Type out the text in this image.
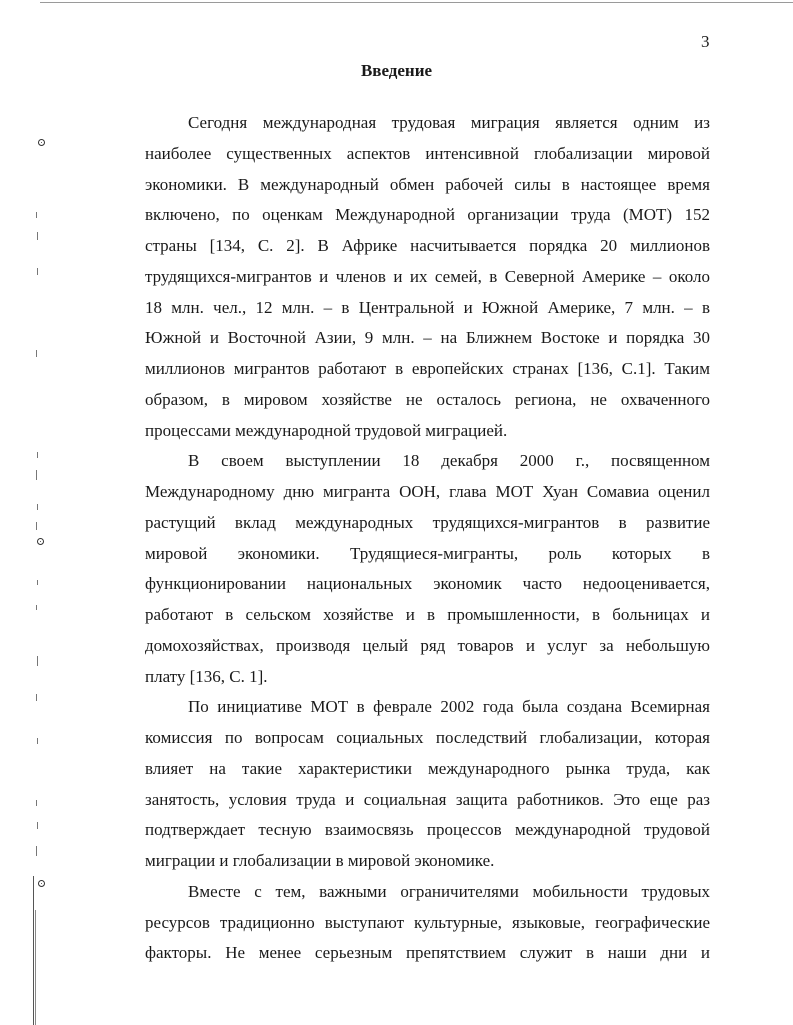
3
Введение

Сегодня международная трудовая миграция является одним из
наиболее существенных аспектов интенсивной глобализации мировой
экономики. В международный обмен рабочей силы в настоящее время
включено, по оценкам Международной организации труда (МОТ) 152
страны [134, С. 2]. В Африке насчитывается порядка 20 миллионов
трудящихся-мигрантов и членов и их семей, в Северной Америке – около
18 млн. чел., 12 млн. – в Центральной и Южной Америке, 7 млн. – в
Южной и Восточной Азии, 9 млн. – на Ближнем Востоке и порядка 30
миллионов мигрантов работают в европейских странах [136, С.1]. Таким
образом, в мировом хозяйстве не осталось региона, не охваченного
процессами международной трудовой миграцией.

В своем выступлении 18 декабря 2000 г., посвященном
Международному дню мигранта ООН, глава МОТ Хуан Сомавиа оценил
растущий вклад международных трудящихся-мигрантов в развитие
мировой экономики. Трудящиеся-мигранты, роль которых в
функционировании национальных экономик часто недооценивается,
работают в сельском хозяйстве и в промышленности, в больницах и
домохозяйствах, производя целый ряд товаров и услуг за небольшую
плату [136, С. 1].

По инициативе МОТ в феврале 2002 года была создана Всемирная
комиссия по вопросам социальных последствий глобализации, которая
влияет на такие характеристики международного рынка труда, как
занятость, условия труда и социальная защита работников. Это еще раз
подтверждает тесную взаимосвязь процессов международной трудовой
миграции и глобализации в мировой экономике.

Вместе с тем, важными ограничителями мобильности трудовых
ресурсов традиционно выступают культурные, языковые, географические
факторы. Не менее серьезным препятствием служит в наши дни и
